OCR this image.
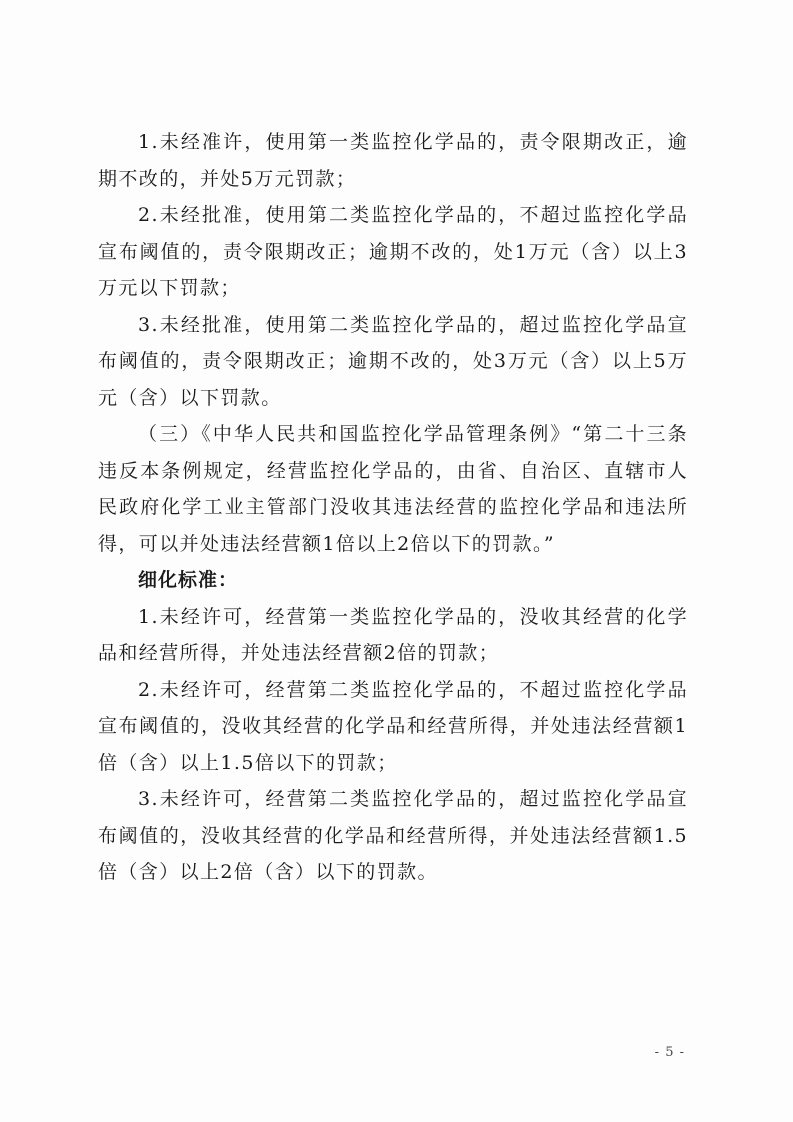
1.未经准许，使用第一类监控化学品的，责令限期改正，逾期不改的，并处5万元罚款；

2.未经批准，使用第二类监控化学品的，不超过监控化学品宣布阈值的，责令限期改正；逾期不改的，处1万元（含）以上3万元以下罚款；

3.未经批准，使用第二类监控化学品的，超过监控化学品宣布阈值的，责令限期改正；逾期不改的，处3万元（含）以上5万元（含）以下罚款。

（三）《中华人民共和国监控化学品管理条例》“第二十三条违反本条例规定，经营监控化学品的，由省、自治区、直辖市人民政府化学工业主管部门没收其违法经营的监控化学品和违法所得，可以并处违法经营额1倍以上2倍以下的罚款。”

细化标准：

1.未经许可，经营第一类监控化学品的，没收其经营的化学品和经营所得，并处违法经营额2倍的罚款；

2.未经许可，经营第二类监控化学品的，不超过监控化学品宣布阈值的，没收其经营的化学品和经营所得，并处违法经营额1倍（含）以上1.5倍以下的罚款；

3.未经许可，经营第二类监控化学品的，超过监控化学品宣布阈值的，没收其经营的化学品和经营所得，并处违法经营额1.5倍（含）以上2倍（含）以下的罚款。

- 5 -
